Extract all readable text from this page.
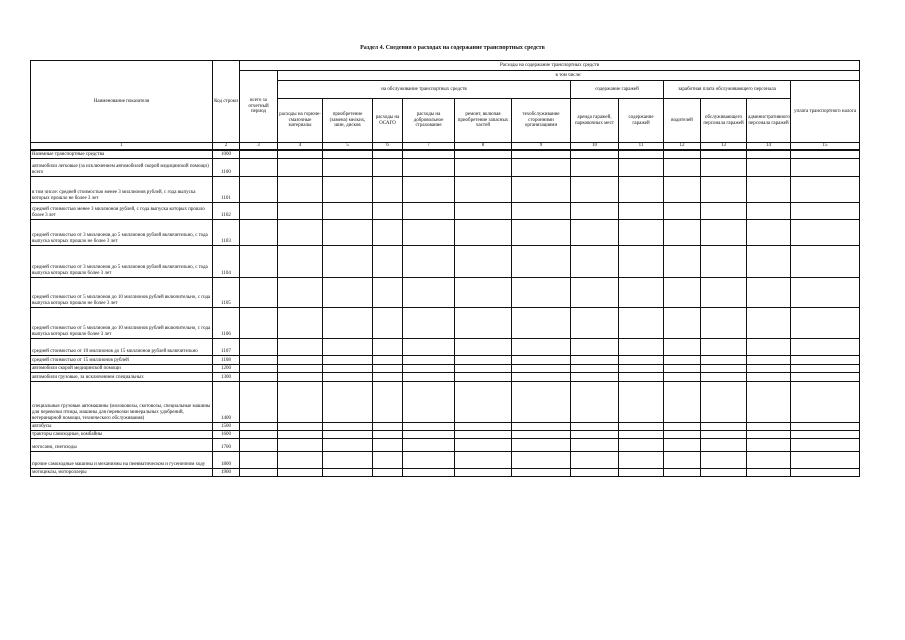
Раздел 4. Сведения о расходах на содержание транспортных средств
Наименование показателя	Код строки	Расходы на содержание транспортных средств												
		всего за отчетный период	в том числе:											
			на обслуживание транспортных средств						содержание гаражей		заработная плата обслуживающего персонала			уплата транспортного налога
			расходы на горюче-смазочные материалы	приобретение (замена) мелких, шин, дисков	расходы на ОСАГО	расходы на добровольное страхование	ремонт, включая приобретение запасных частей	техобслуживание сторонними организациями	аренда гаражей, парковочных мест	содержание гаражей	водителей	обслуживающего персонала гаражей	административного персонала гаражей	
1	2	3	4	5	6	7	8	9	10	11	12	13	14	15
Наземные транспортные средства	1000													
автомобили легковые (за исключением автомобилей скорой медицинской помощи) всего	1100													
в том числе: средней стоимостью менее 3 миллионов рублей, с года выпуска которых прошло не более 3 лет	1101													
средней стоимостью менее 3 миллионов рублей, с года выпуска которых прошло более 3 лет	1102													
средней стоимостью от 3 миллионов до 5 миллионов рублей включительно, с года выпуска которых прошло не более 3 лет	1103													
средней стоимостью от 3 миллионов до 5 миллионов рублей включительно, с года выпуска которых прошло более 3 лет	1104													
средней стоимостью от 5 миллионов до 10 миллионов рублей включительно, с года выпуска которых прошло не более 3 лет	1105													
средней стоимостью от 5 миллионов до 10 миллионов рублей включительно, с года выпуска которых прошло более 3 лет	1106													
средней стоимостью от 10 миллионов до 15 миллионов рублей включительно	1107													
средней стоимостью от 15 миллионов рублей	1108													
автомобили скорой медицинской помощи	1200													
автомобили грузовые, за исключением специальных	1300													
специальные грузовые автомашины (молоковозы, скотовозы, специальные машины для перевозки птицы, машины для перевозки минеральных удобрений, ветеринарной помощи, технического обслуживания)	1400													
автобусы	1500													
тракторы самоходные, комбайны	1600													
мотосани, снегоходы	1700													
прочие самоходные машины и механизмы на пневматическом и гусеничном ходу	1800													
мотоциклы, мотороллеры	1900													
